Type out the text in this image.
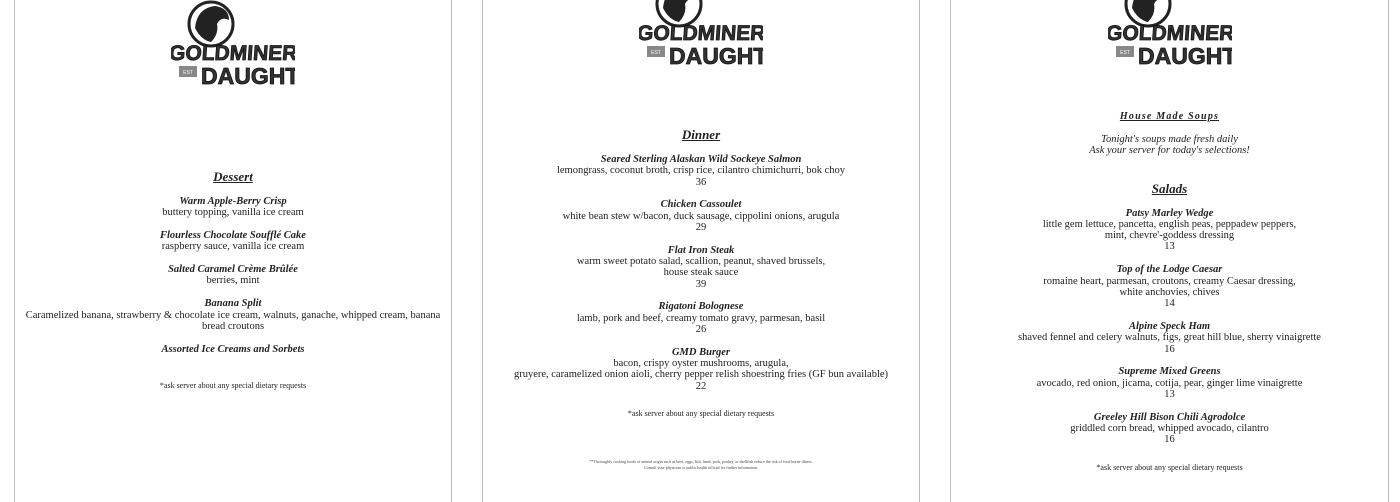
Dessert
Warm Apple-Berry Crisp
buttery topping, vanilla ice cream
Flourless Chocolate Soufflé Cake
raspberry sauce, vanilla ice cream
Salted Caramel Crème Brûlée
berries, mint
Banana Split
Caramelized banana, strawberry & chocolate ice cream, walnuts, ganache, whipped cream, banana
bread croutons
Assorted Ice Creams and Sorbets
*ask server about any special dietary requests
Dinner
Seared Sterling Alaskan Wild Sockeye Salmon
lemongrass, coconut broth, crisp rice, cilantro chimichurri, bok choy
36
Chicken Cassoulet
white bean stew w/bacon, duck sausage, cippolini onions, arugula
29
Flat Iron Steak
warm sweet potato salad, scallion, peanut, shaved brussels,
house steak sauce
39
Rigatoni Bolognese
lamb, pork and beef, creamy tomato gravy, parmesan, basil
26
GMD Burger
bacon, crispy oyster mushrooms, arugula,
gruyere, caramelized onion aioli, cherry pepper relish shoestring fries (GF bun available)
22
*ask server about any special dietary requests
**Thoroughly cooking foods of animal origin such as beef, eggs, fish, lamb, pork, poultry, or shellfish reduce the risk of food borne illness.
Consult your physician or public health official for further information.
House Made Soups
Tonight's soups made fresh daily
Ask your server for today's selections!
Salads
Patsy Marley Wedge
little gem lettuce, pancetta, english peas, peppadew peppers,
mint, chevre'-goddess dressing
13
Top of the Lodge Caesar
romaine heart, parmesan, croutons, creamy Caesar dressing,
white anchovies, chives
14
Alpine Speck Ham
shaved fennel and celery walnuts, figs, great hill blue, sherry vinaigrette
16
Supreme Mixed Greens
avocado, red onion, jicama, cotija, pear, ginger lime vinaigrette
13
Greeley Hill Bison Chili Agrodolce
griddled corn bread, whipped avocado, cilantro
16
*ask server about any special dietary requests
